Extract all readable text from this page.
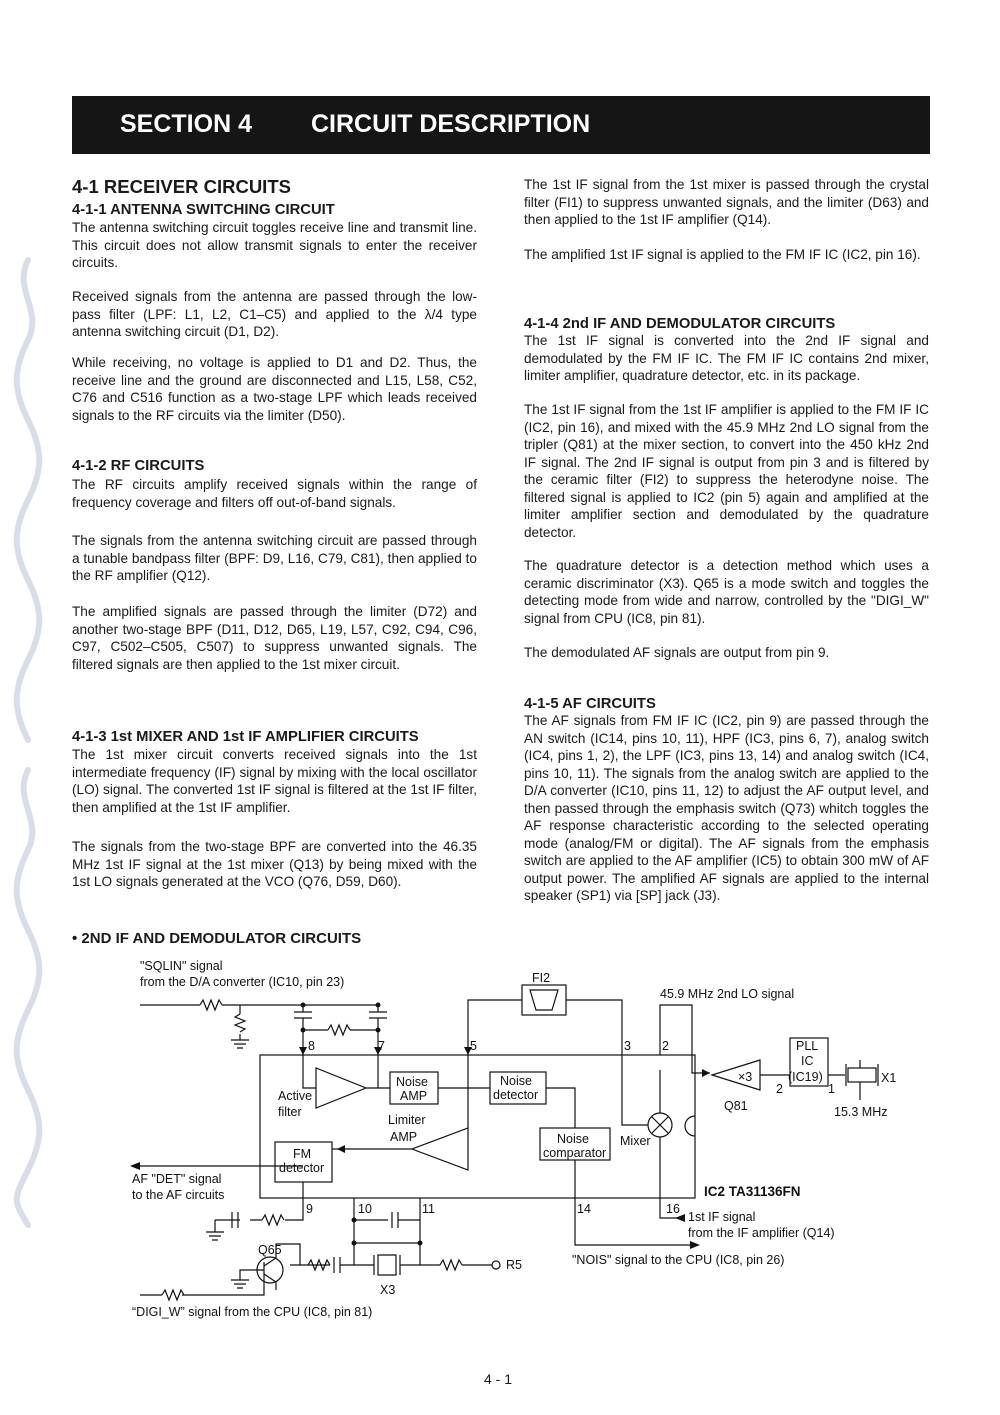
SECTION 4 CIRCUIT DESCRIPTION
4-1 RECEIVER CIRCUITS
4-1-1 ANTENNA SWITCHING CIRCUIT

The antenna switching circuit toggles receive line and transmit line. This circuit does not allow transmit signals to enter the receiver circuits.

Received signals from the antenna are passed through the low-pass filter (LPF: L1, L2, C1–C5) and applied to the λ/4 type antenna switching circuit (D1, D2).

While receiving, no voltage is applied to D1 and D2. Thus, the receive line and the ground are disconnected and L15, L58, C52, C76 and C516 function as a two-stage LPF which leads received signals to the RF circuits via the limiter (D50).

4-1-2 RF CIRCUITS

The RF circuits amplify received signals within the range of frequency coverage and filters off out-of-band signals.

The signals from the antenna switching circuit are passed through a tunable bandpass filter (BPF: D9, L16, C79, C81), then applied to the RF amplifier (Q12).

The amplified signals are passed through the limiter (D72) and another two-stage BPF (D11, D12, D65, L19, L57, C92, C94, C96, C97, C502–C505, C507) to suppress unwanted signals. The filtered signals are then applied to the 1st mixer circuit.

4-1-3 1st MIXER AND 1st IF AMPLIFIER CIRCUITS

The 1st mixer circuit converts received signals into the 1st intermediate frequency (IF) signal by mixing with the local oscillator (LO) signal. The converted 1st IF signal is filtered at the 1st IF filter, then amplified at the 1st IF amplifier.

The signals from the two-stage BPF are converted into the 46.35 MHz 1st IF signal at the 1st mixer (Q13) by being mixed with the 1st LO signals generated at the VCO (Q76, D59, D60).

The 1st IF signal from the 1st mixer is passed through the crystal filter (FI1) to suppress unwanted signals, and the limiter (D63) and then applied to the 1st IF amplifier (Q14).

The amplified 1st IF signal is applied to the FM IF IC (IC2, pin 16).

4-1-4 2nd IF AND DEMODULATOR CIRCUITS

The 1st IF signal is converted into the 2nd IF signal and demodulated by the FM IF IC. The FM IF IC contains 2nd mixer, limiter amplifier, quadrature detector, etc. in its package.

The 1st IF signal from the 1st IF amplifier is applied to the FM IF IC (IC2, pin 16), and mixed with the 45.9 MHz 2nd LO signal from the tripler (Q81) at the mixer section, to convert into the 450 kHz 2nd IF signal. The 2nd IF signal is output from pin 3 and is filtered by the ceramic filter (FI2) to suppress the heterodyne noise. The filtered signal is applied to IC2 (pin 5) again and amplified at the limiter amplifier section and demodulated by the quadrature detector.

The quadrature detector is a detection method which uses a ceramic discriminator (X3). Q65 is a mode switch and toggles the detecting mode from wide and narrow, controlled by the "DIGI_W" signal from CPU (IC8, pin 81).

The demodulated AF signals are output from pin 9.

4-1-5 AF CIRCUITS

The AF signals from FM IF IC (IC2, pin 9) are passed through the AN switch (IC14, pins 10, 11), HPF (IC3, pins 6, 7), analog switch (IC4, pins 1, 2), the LPF (IC3, pins 13, 14) and analog switch (IC4, pins 10, 11). The signals from the analog switch are applied to the D/A converter (IC10, pins 11, 12) to adjust the AF output level, and then passed through the emphasis switch (Q73) whitch toggles the AF response characteristic according to the selected operating mode (analog/FM or digital). The AF signals from the emphasis switch are applied to the AF amplifier (IC5) to obtain 300 mW of AF output power. The amplified AF signals are applied to the internal speaker (SP1) via [SP] jack (J3).

• 2ND IF AND DEMODULATOR CIRCUITS
"SQLIN" signal
from the D/A converter (IC10, pin 23)	FI2
45.9 MHz 2nd LO signal
PLL
IC
(IC19)	X1
15.3 MHz
×3
Q81
2	1
Active
filter
Noise
AMP
Noise
detector
Limiter
AMP	Noise
comparator
Mixer
FM
detector
IC2 TA31136FN
AF "DET" signal
to the AF circuits
1st IF signal
from the IF amplifier (Q14)
"NOIS" signal to the CPU (IC8, pin 26)
“DIGI_W” signal from the CPU (IC8, pin 81)
Q65
X3
R5
8	7	5	3 2
9	10	11	14	16
4 - 1
